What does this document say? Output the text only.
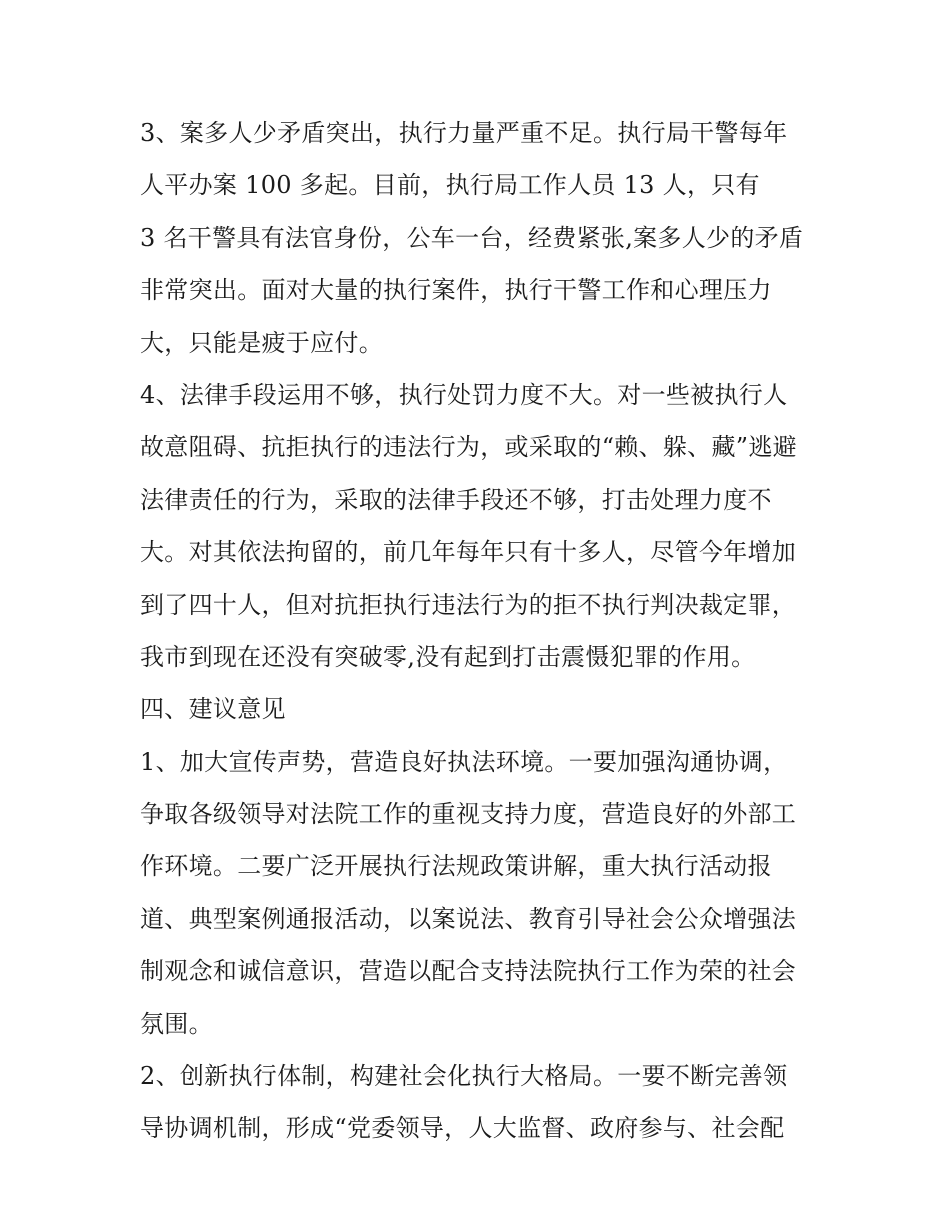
3、案多人少矛盾突出，执行力量严重不足。执行局干警每年
人平办案 100 多起。目前，执行局工作人员 13 人，只有
3 名干警具有法官身份，公车一台，经费紧张,案多人少的矛盾
非常突出。面对大量的执行案件，执行干警工作和心理压力
大，只能是疲于应付。
4、法律手段运用不够，执行处罚力度不大。对一些被执行人
故意阻碍、抗拒执行的违法行为，或采取的“赖、躲、藏”逃避
法律责任的行为，采取的法律手段还不够，打击处理力度不
大。对其依法拘留的，前几年每年只有十多人，尽管今年增加
到了四十人，但对抗拒执行违法行为的拒不执行判决裁定罪，
我市到现在还没有突破零,没有起到打击震慑犯罪的作用。
四、建议意见
1、加大宣传声势，营造良好执法环境。一要加强沟通协调，
争取各级领导对法院工作的重视支持力度，营造良好的外部工
作环境。二要广泛开展执行法规政策讲解，重大执行活动报
道、典型案例通报活动，以案说法、教育引导社会公众增强法
制观念和诚信意识，营造以配合支持法院执行工作为荣的社会
氛围。
2、创新执行体制，构建社会化执行大格局。一要不断完善领
导协调机制，形成“党委领导，人大监督、政府参与、社会配
